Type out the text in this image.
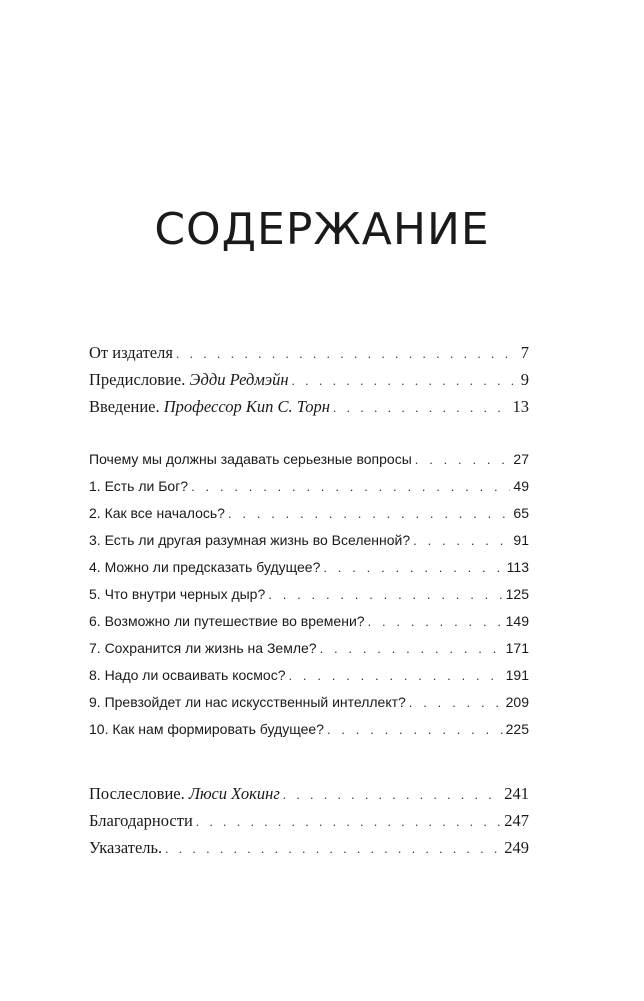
СОДЕРЖАНИЕ
От издателя . . .	7
Предисловие. Эдди Редмэйн . . .	9
Введение. Профессор Кип С. Торн . . .	13
Почему мы должны задавать серьезные вопросы . . .	27
1. Есть ли Бог? . . .	49
2. Как все началось? . . .	65
3. Есть ли другая разумная жизнь во Вселенной? . . .	91
4. Можно ли предсказать будущее? . . .	113
5. Что внутри черных дыр? . . .	125
6. Возможно ли путешествие во времени? . . .	149
7. Сохранится ли жизнь на Земле? . . .	171
8. Надо ли осваивать космос? . . .	191
9. Превзойдет ли нас искусственный интеллект? . . .	209
10. Как нам формировать будущее? . . .	225
Послесловие. Люси Хокинг . . .	241
Благодарности . . .	247
Указатель. . . .	249
